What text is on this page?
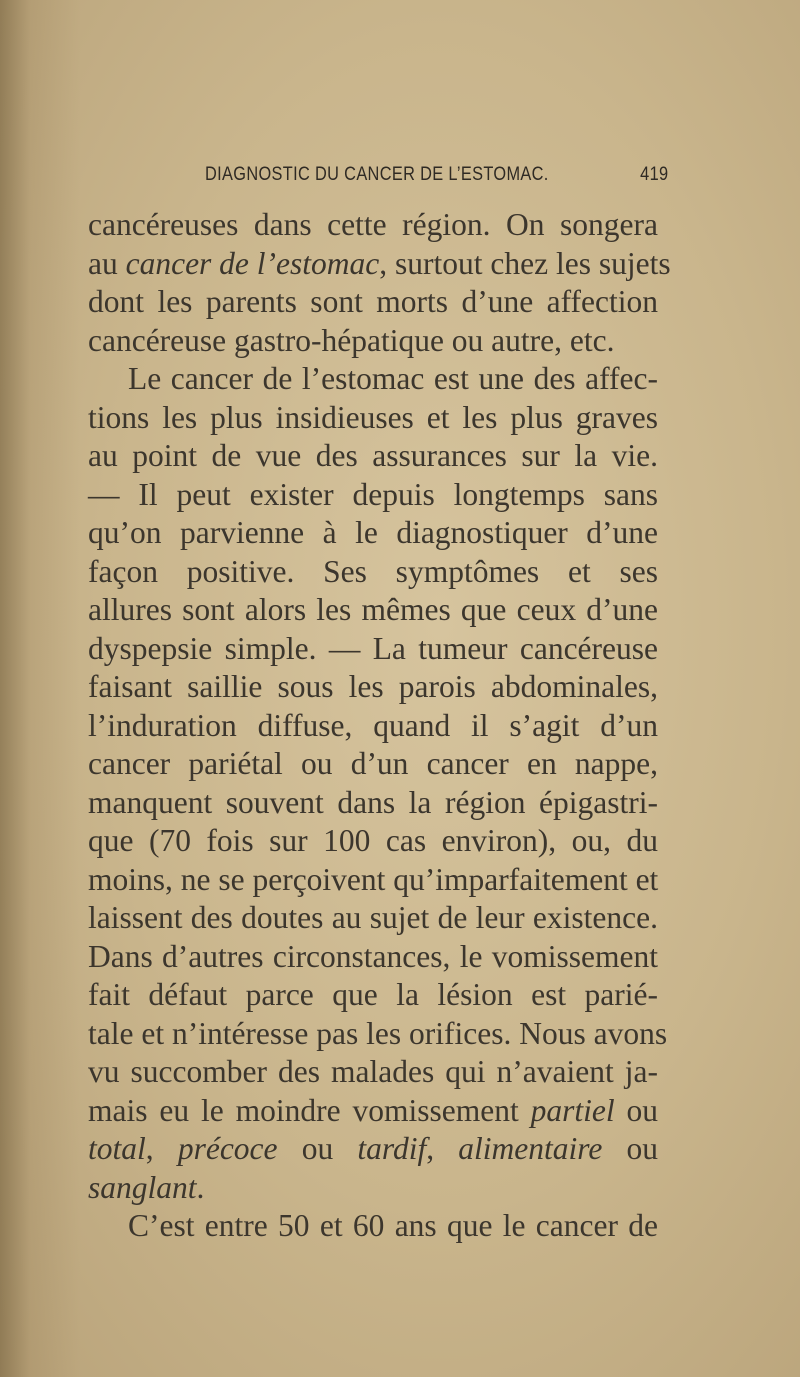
DIAGNOSTIC DU CANCER DE L’ESTOMAC.	419
cancéreuses dans cette région. On songera
au cancer de l’estomac, surtout chez les sujets
dont les parents sont morts d’une affection
cancéreuse gastro-hépatique ou autre, etc.
Le cancer de l’estomac est une des affec-
tions les plus insidieuses et les plus graves
au point de vue des assurances sur la vie.
— Il peut exister depuis longtemps sans
qu’on parvienne à le diagnostiquer d’une
façon positive. Ses symptômes et ses
allures sont alors les mêmes que ceux d’une
dyspepsie simple. — La tumeur cancéreuse
faisant saillie sous les parois abdominales,
l’induration diffuse, quand il s’agit d’un
cancer pariétal ou d’un cancer en nappe,
manquent souvent dans la région épigastri-
que (70 fois sur 100 cas environ), ou, du
moins, ne se perçoivent qu’imparfaitement et
laissent des doutes au sujet de leur existence.
Dans d’autres circonstances, le vomissement
fait défaut parce que la lésion est parié-
tale et n’intéresse pas les orifices. Nous avons
vu succomber des malades qui n’avaient ja-
mais eu le moindre vomissement partiel ou
total, précoce ou tardif, alimentaire ou
sanglant.
C’est entre 50 et 60 ans que le cancer de
